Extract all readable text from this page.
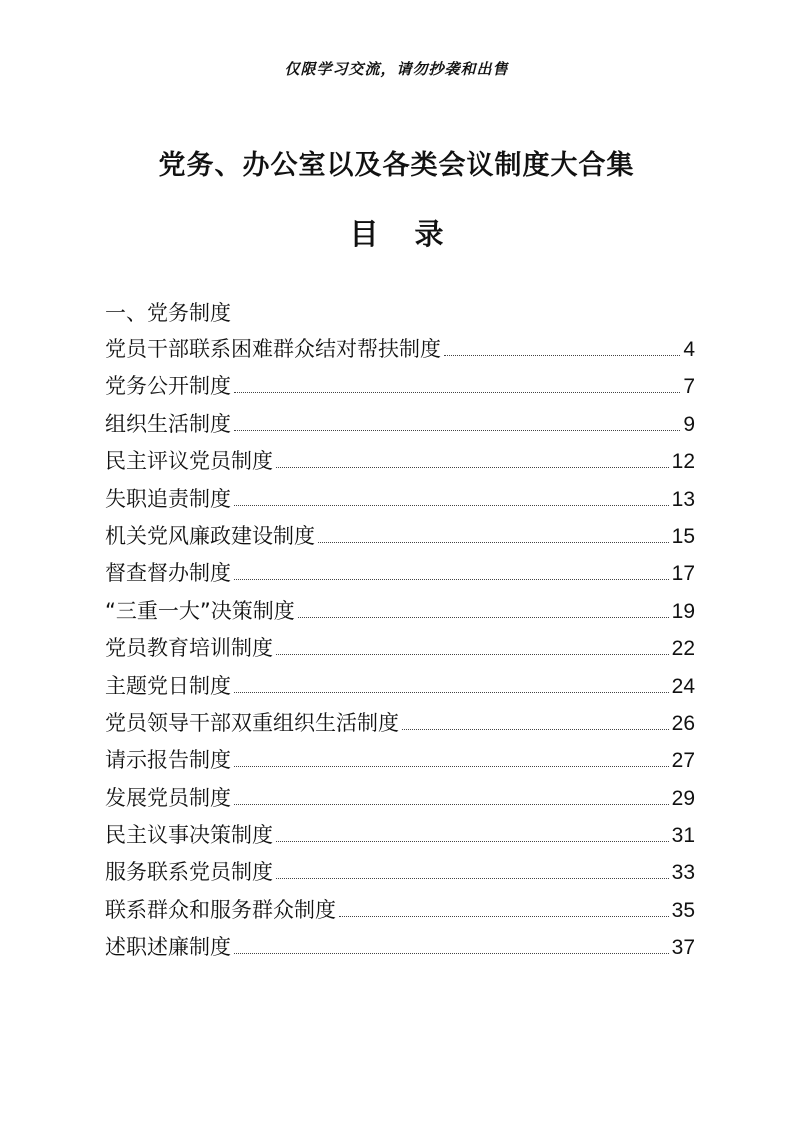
仅限学习交流，请勿抄袭和出售
党务、办公室以及各类会议制度大合集
目 录
一、党务制度
党员干部联系困难群众结对帮扶制度	4
党务公开制度	7
组织生活制度	9
民主评议党员制度	12
失职追责制度	13
机关党风廉政建设制度	15
督查督办制度	17
“三重一大”决策制度	19
党员教育培训制度	22
主题党日制度	24
党员领导干部双重组织生活制度	26
请示报告制度	27
发展党员制度	29
民主议事决策制度	31
服务联系党员制度	33
联系群众和服务群众制度	35
述职述廉制度	37
